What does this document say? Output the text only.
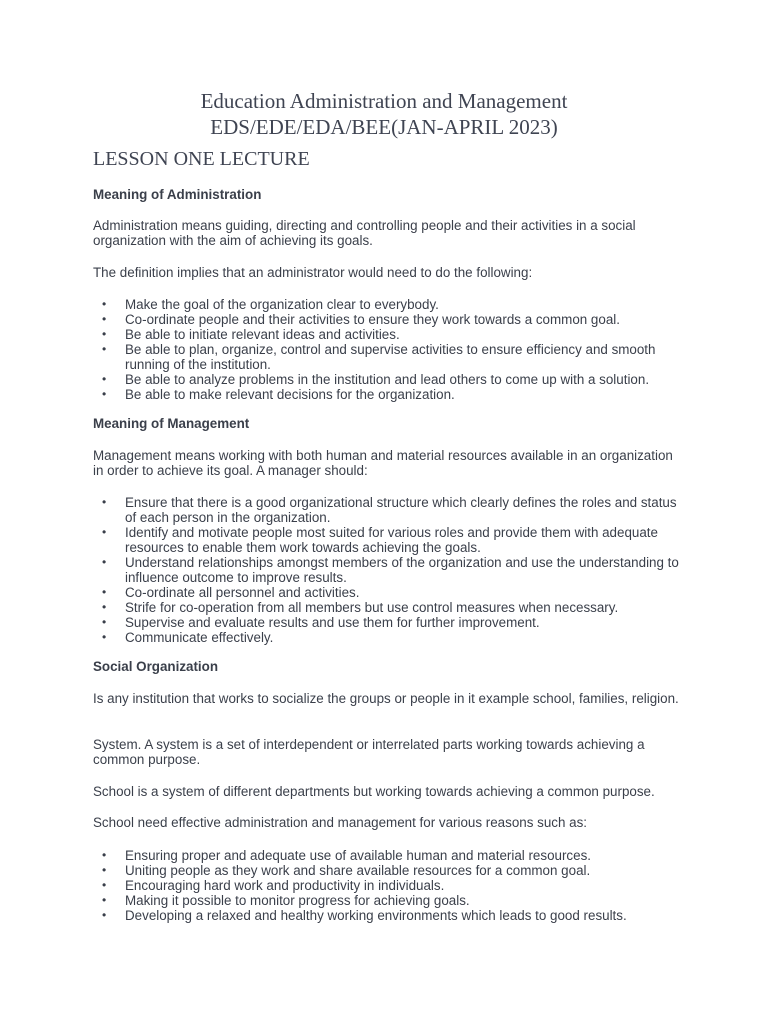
Education Administration and Management
EDS/EDE/EDA/BEE(JAN-APRIL 2023)
LESSON ONE LECTURE

Meaning of Administration

Administration means guiding, directing and controlling people and their activities in a social organization with the aim of achieving its goals.

The definition implies that an administrator would need to do the following:

• Make the goal of the organization clear to everybody.
• Co-ordinate people and their activities to ensure they work towards a common goal.
• Be able to initiate relevant ideas and activities.
• Be able to plan, organize, control and supervise activities to ensure efficiency and smooth running of the institution.
• Be able to analyze problems in the institution and lead others to come up with a solution.
• Be able to make relevant decisions for the organization.

Meaning of Management

Management means working with both human and material resources available in an organization in order to achieve its goal. A manager should:

• Ensure that there is a good organizational structure which clearly defines the roles and status of each person in the organization.
• Identify and motivate people most suited for various roles and provide them with adequate resources to enable them work towards achieving the goals.
• Understand relationships amongst members of the organization and use the understanding to influence outcome to improve results.
• Co-ordinate all personnel and activities.
• Strife for co-operation from all members but use control measures when necessary.
• Supervise and evaluate results and use them for further improvement.
• Communicate effectively.

Social Organization

Is any institution that works to socialize the groups or people in it example school, families, religion.

System. A system is a set of interdependent or interrelated parts working towards achieving a common purpose.

School is a system of different departments but working towards achieving a common purpose.

School need effective administration and management for various reasons such as:

• Ensuring proper and adequate use of available human and material resources.
• Uniting people as they work and share available resources for a common goal.
• Encouraging hard work and productivity in individuals.
• Making it possible to monitor progress for achieving goals.
• Developing a relaxed and healthy working environments which leads to good results.
